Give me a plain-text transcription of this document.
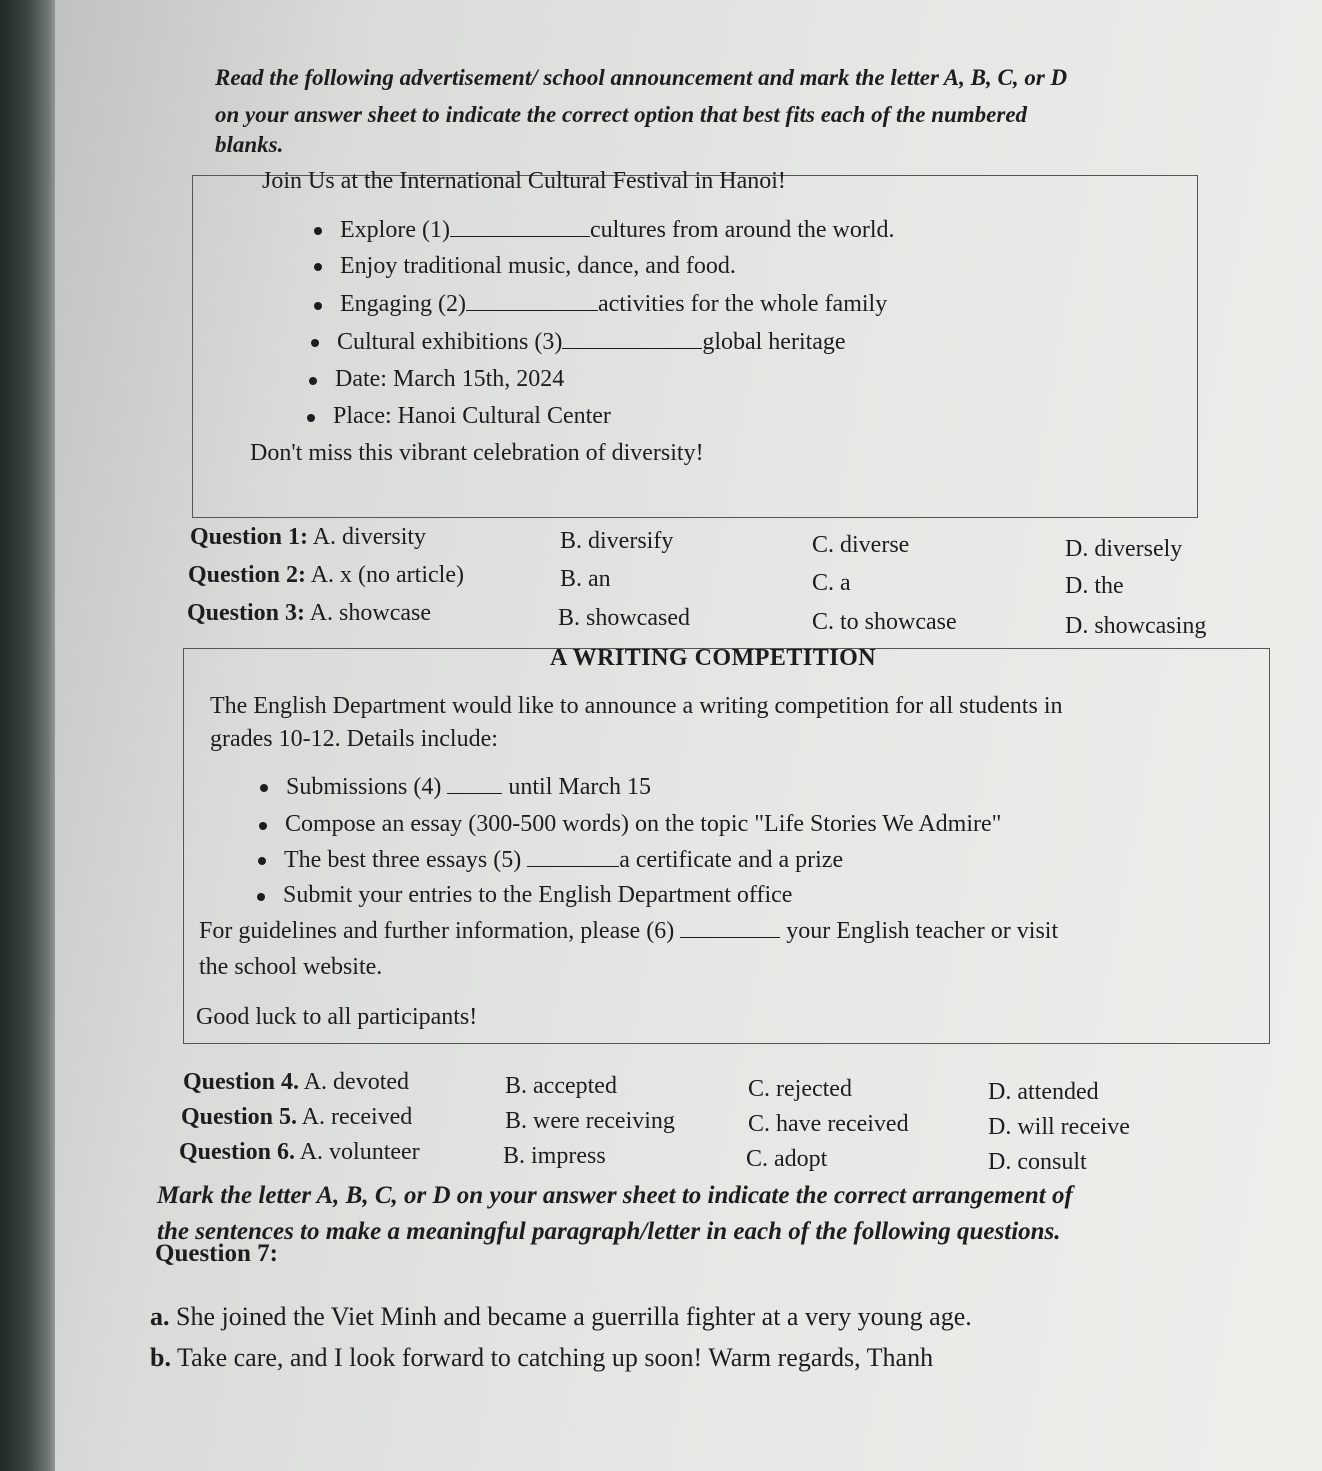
Read the following advertisement/ school announcement and mark the letter A, B, C, or D
on your answer sheet to indicate the correct option that best fits each of the numbered
blanks.
Join Us at the International Cultural Festival in Hanoi!
Explore (1)	cultures from around the world.
Enjoy traditional music, dance, and food.
Engaging (2)	activities for the whole family
Cultural exhibitions (3)	global heritage
Date: March 15th, 2024
Place: Hanoi Cultural Center
Don't miss this vibrant celebration of diversity!
Question 1: A. diversity	B. diversify	C. diverse	D. diversely
Question 2: A. x (no article)	B. an	C. a	D. the
Question 3: A. showcase	B. showcased	C. to showcase	D. showcasing
A WRITING COMPETITION
The English Department would like to announce a writing competition for all students in
grades 10-12. Details include:
Submissions (4)	until March 15
Compose an essay (300-500 words) on the topic "Life Stories We Admire"
The best three essays (5)	a certificate and a prize
Submit your entries to the English Department office
For guidelines and further information, please (6)	your English teacher or visit
the school website.
Good luck to all participants!
Question 4. A. devoted	B. accepted	C. rejected	D. attended
Question 5. A. received	B. were receiving	C. have received	D. will receive
Question 6. A. volunteer	B. impress	C. adopt	D. consult
Mark the letter A, B, C, or D on your answer sheet to indicate the correct arrangement of
the sentences to make a meaningful paragraph/letter in each of the following questions.
Question 7:
a. She joined the Viet Minh and became a guerrilla fighter at a very young age.
b. Take care, and I look forward to catching up soon! Warm regards, Thanh
